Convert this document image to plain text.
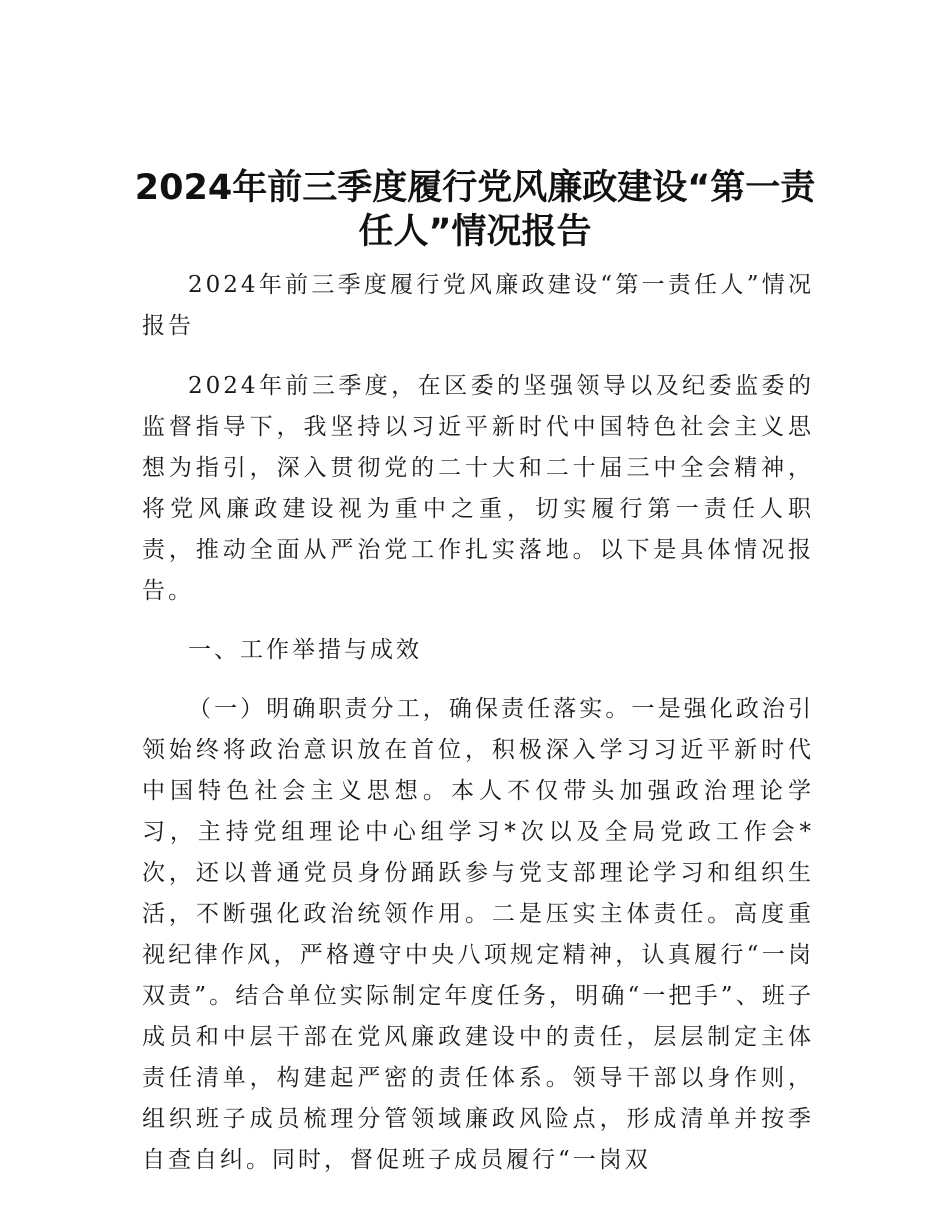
2024年前三季度履行党风廉政建设“第一责任人”情况报告

2024年前三季度履行党风廉政建设“第一责任人”情况报告

2024年前三季度，在区委的坚强领导以及纪委监委的监督指导下，我坚持以习近平新时代中国特色社会主义思想为指引，深入贯彻党的二十大和二十届三中全会精神，将党风廉政建设视为重中之重，切实履行第一责任人职责，推动全面从严治党工作扎实落地。以下是具体情况报告。

一、工作举措与成效

（一）明确职责分工，确保责任落实。一是强化政治引领始终将政治意识放在首位，积极深入学习习近平新时代中国特色社会主义思想。本人不仅带头加强政治理论学习，主持党组理论中心组学习*次以及全局党政工作会*次，还以普通党员身份踊跃参与党支部理论学习和组织生活，不断强化政治统领作用。二是压实主体责任。高度重视纪律作风，严格遵守中央八项规定精神，认真履行“一岗双责”。结合单位实际制定年度任务，明确“一把手”、班子成员和中层干部在党风廉政建设中的责任，层层制定主体责任清单，构建起严密的责任体系。领导干部以身作则，组织班子成员梳理分管领域廉政风险点，形成清单并按季自查自纠。同时，督促班子成员履行“一岗双
